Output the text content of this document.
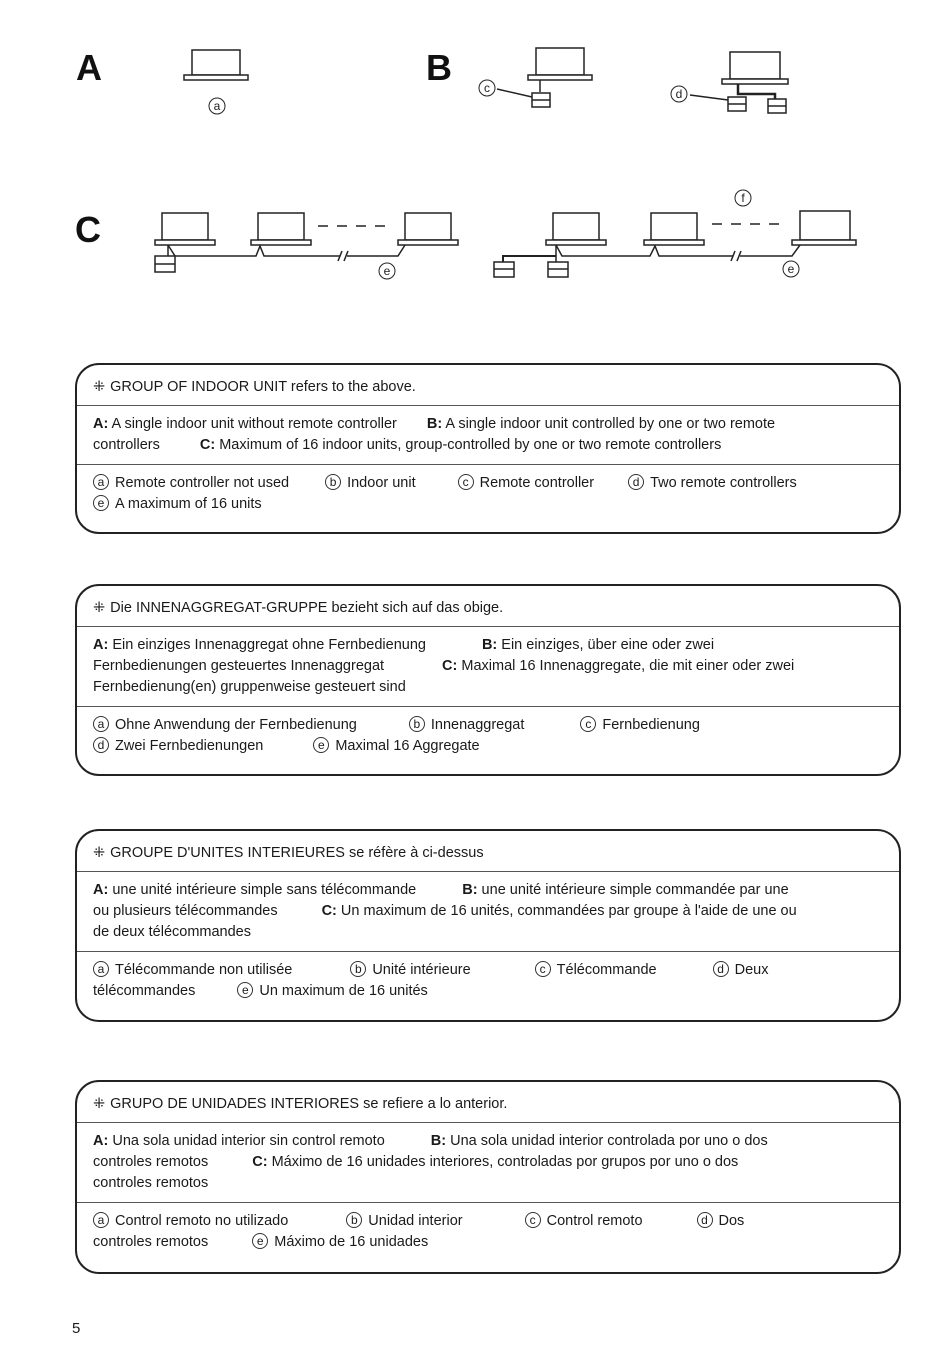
A	B
C
a
c	d
e	e
f
⁜ GROUP OF INDOOR UNIT refers to the above.
A: A single indoor unit without remote controller B: A single indoor unit controlled by one or two remote
controllers	C: Maximum of 16 indoor units, group-controlled by one or two remote controllers
a Remote controller not used	b Indoor unit	c Remote controller	d Two remote controllers
e A maximum of 16 units
⁜ Die INNENAGGREGAT-GRUPPE bezieht sich auf das obige.
A: Ein einziges Innenaggregat ohne Fernbedienung	B: Ein einziges, über eine oder zwei
Fernbedienungen gesteuertes Innenaggregat	C: Maximal 16 Innenaggregate, die mit einer oder zwei
Fernbedienung(en) gruppenweise gesteuert sind
a Ohne Anwendung der Fernbedienung	b Innenaggregat	c Fernbedienung
d Zwei Fernbedienungen	e Maximal 16 Aggregate
⁜ GROUPE D'UNITES INTERIEURES se réfère à ci-dessus
A: une unité intérieure simple sans télécommande	B: une unité intérieure simple commandée par une
ou plusieurs télécommandes	C: Un maximum de 16 unités, commandées par groupe à l'aide de une ou
de deux télécommandes
a Télécommande non utilisée	b Unité intérieure	c Télécommande	d Deux
télécommandes	e Un maximum de 16 unités
⁜ GRUPO DE UNIDADES INTERIORES se refiere a lo anterior.
A: Una sola unidad interior sin control remoto	B: Una sola unidad interior controlada por uno o dos
controles remotos	C: Máximo de 16 unidades interiores, controladas por grupos por uno o dos
controles remotos
a Control remoto no utilizado	b Unidad interior	c Control remoto	d Dos
controles remotos	e Máximo de 16 unidades
5
